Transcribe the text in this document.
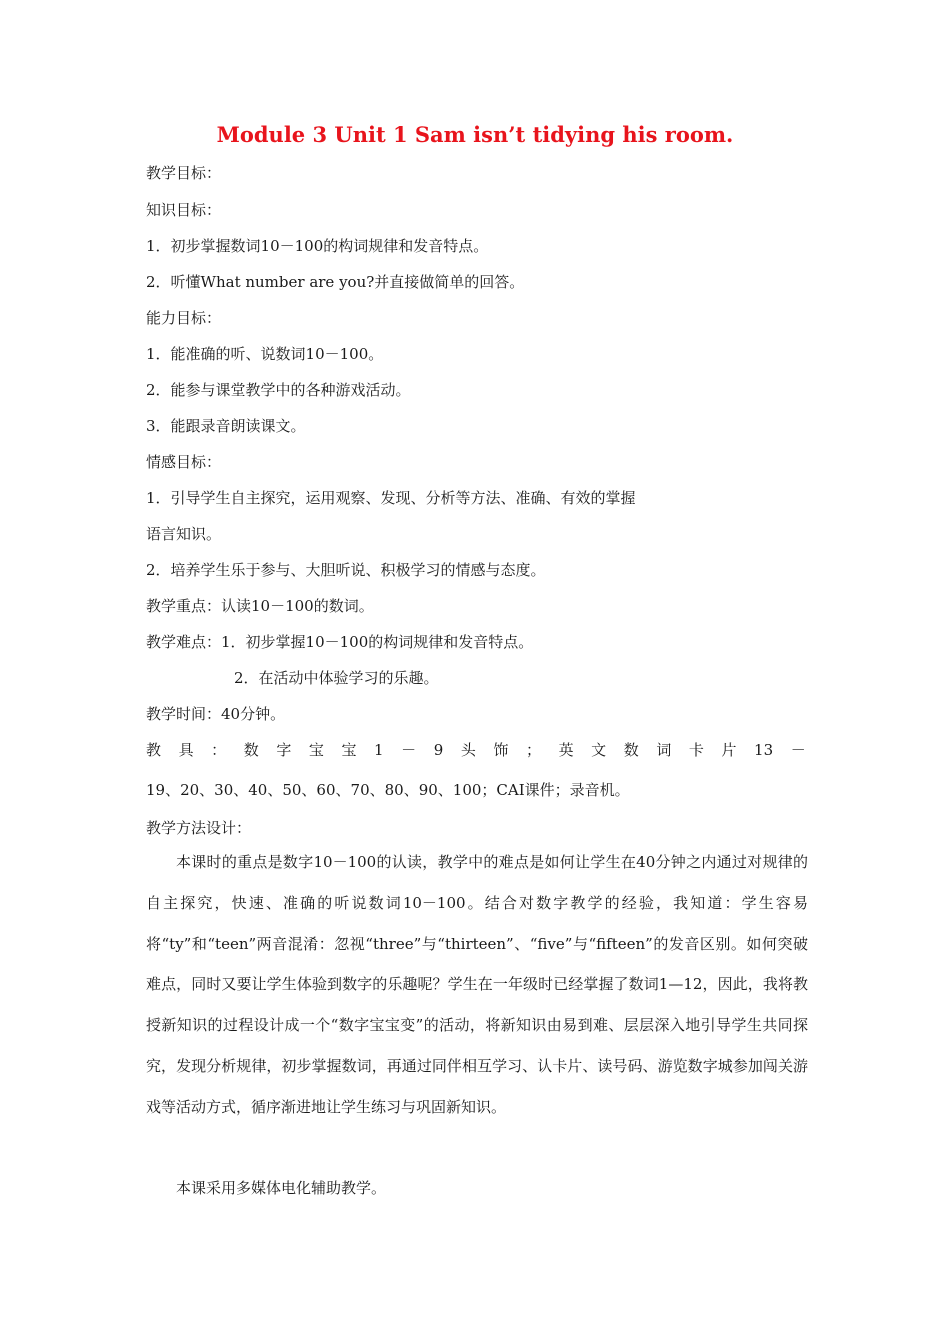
Module 3 Unit 1 Sam isn’t tidying his room.
教学目标：
知识目标：
1．初步掌握数词10－100的构词规律和发音特点。
2．听懂What number are you?并直接做简单的回答。
能力目标：
1．能准确的听、说数词10－100。
2．能参与课堂教学中的各种游戏活动。
3．能跟录音朗读课文。
情感目标：
1．引导学生自主探究，运用观察、发现、分析等方法、准确、有效的掌握
语言知识。
2．培养学生乐于参与、大胆听说、积极学习的情感与态度。
教学重点：认读10－100的数词。
教学难点：1．初步掌握10－100的构词规律和发音特点。
2．在活动中体验学习的乐趣。
教学时间：40分钟。
教 具 ： 数 字 宝 宝 1 － 9 头 饰 ； 英 文 数 词 卡 片 13 －
19、20、30、40、50、60、70、80、90、100；CAI课件；录音机。
教学方法设计：
本课时的重点是数字10－100的认读，教学中的难点是如何让学生在40分钟之内通过对规律的自主探究，快速、准确的听说数词10－100。结合对数字教学的经验，我知道：学生容易将“ty”和“teen”两音混淆：忽视“three”与“thirteen”、“five”与“fifteen”的发音区别。如何突破难点，同时又要让学生体验到数字的乐趣呢？学生在一年级时已经掌握了数词1—12，因此，我将教授新知识的过程设计成一个“数字宝宝变”的活动，将新知识由易到难、层层深入地引导学生共同探究，发现分析规律，初步掌握数词，再通过同伴相互学习、认卡片、读号码、游览数字城参加闯关游戏等活动方式，循序渐进地让学生练习与巩固新知识。
本课采用多媒体电化辅助教学。
